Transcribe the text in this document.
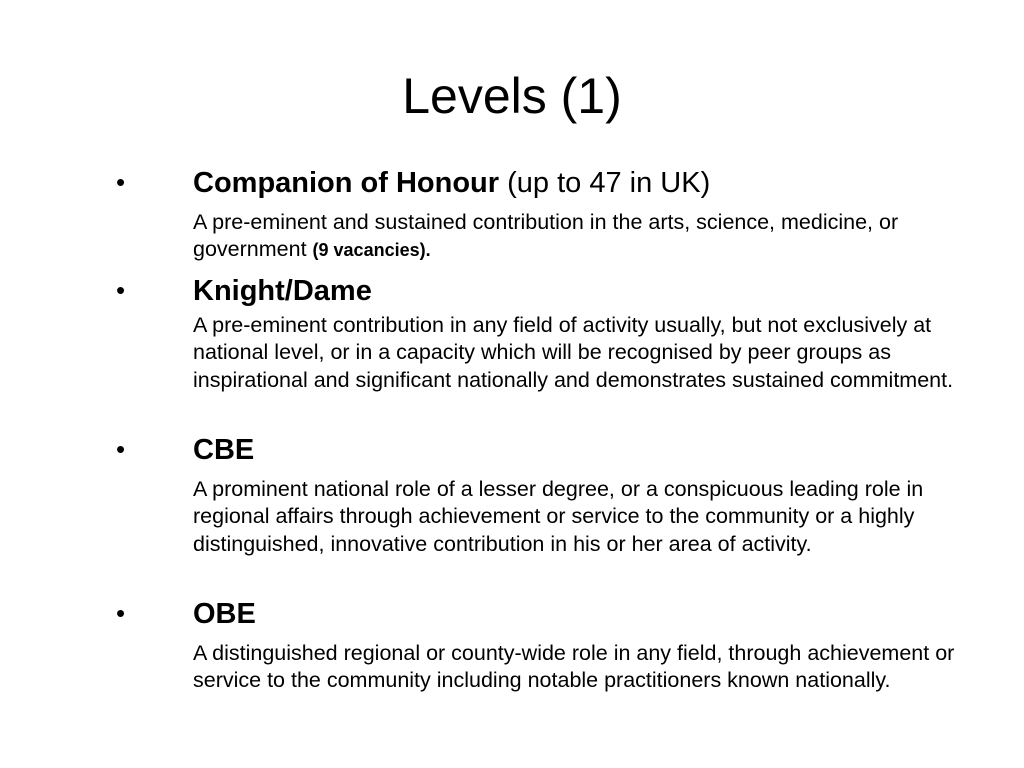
Levels (1)
• Companion of Honour (up to 47 in UK)

A pre-eminent and sustained contribution in the arts, science, medicine, or government (9 vacancies).

• Knight/Dame

A pre-eminent contribution in any field of activity usually, but not exclusively at national level, or in a capacity which will be recognised by peer groups as inspirational and significant nationally and demonstrates sustained commitment.

• CBE

A prominent national role of a lesser degree, or a conspicuous leading role in regional affairs through achievement or service to the community or a highly distinguished, innovative contribution in his or her area of activity.

• OBE

A distinguished regional or county-wide role in any field, through achievement or service to the community including notable practitioners known nationally.
